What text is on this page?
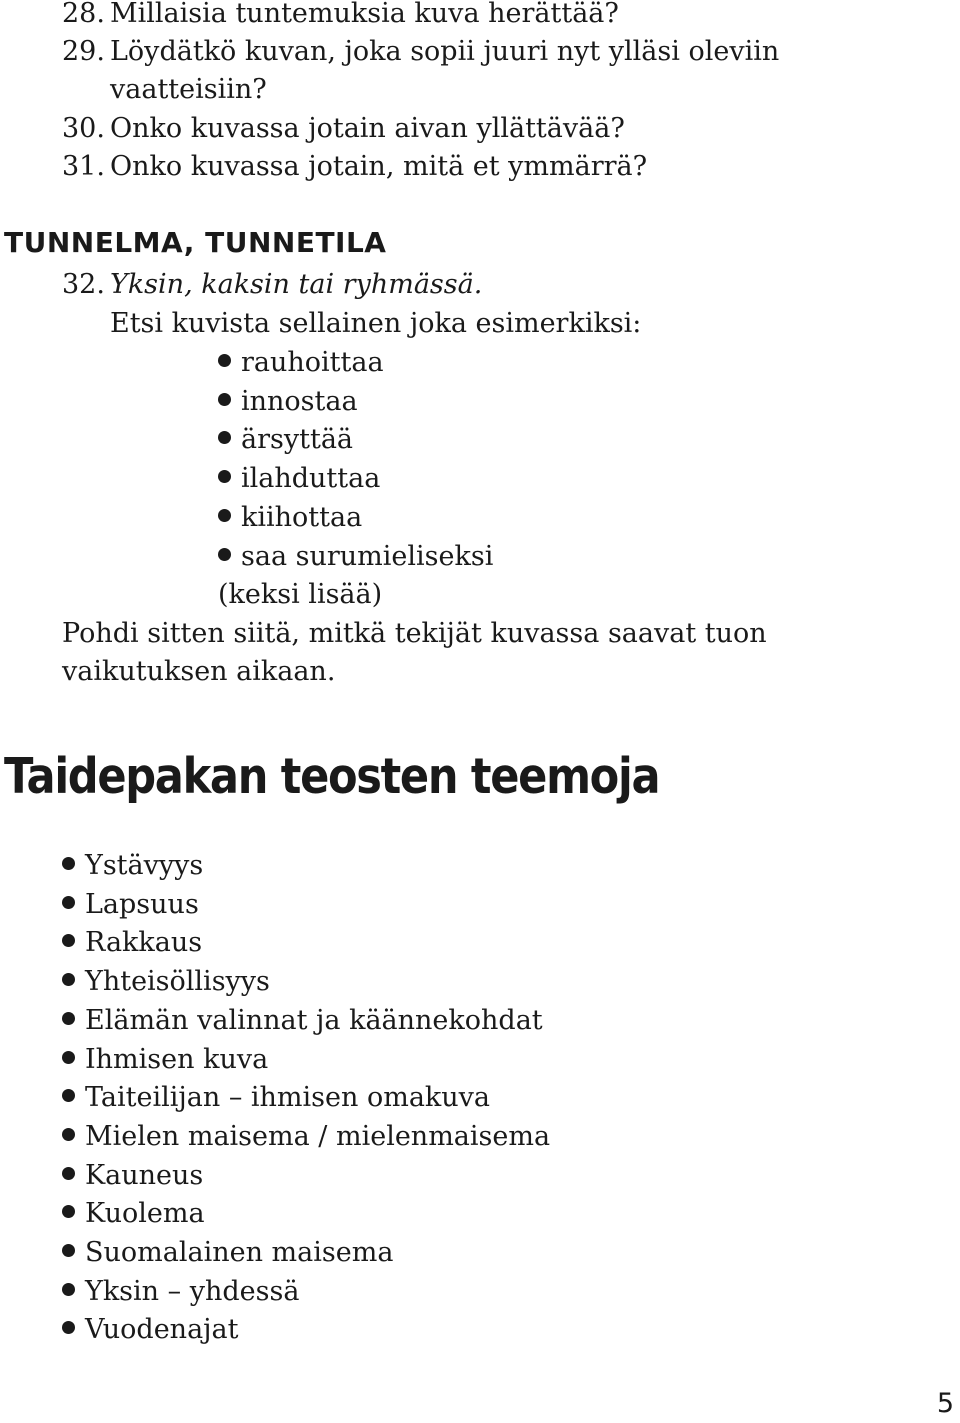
28. Millaisia tuntemuksia kuva herättää?
29. Löydätkö kuvan, joka sopii juuri nyt ylläsi oleviin
vaatteisiin?
30. Onko kuvassa jotain aivan yllättävää?
31. Onko kuvassa jotain, mitä et ymmärrä?
TUNNELMA, TUNNETILA
32. Yksin, kaksin tai ryhmässä.
Etsi kuvista sellainen joka esimerkiksi:
rauhoittaa
innostaa
ärsyttää
ilahduttaa
kiihottaa
saa surumieliseksi
(keksi lisää)
Pohdi sitten siitä, mitkä tekijät kuvassa saavat tuon
vaikutuksen aikaan.
Taidepakan teosten teemoja
Ystävyys
Lapsuus
Rakkaus
Yhteisöllisyys
Elämän valinnat ja käännekohdat
Ihmisen kuva
Taiteilijan – ihmisen omakuva
Mielen maisema / mielenmaisema
Kauneus
Kuolema
Suomalainen maisema
Yksin – yhdessä
Vuodenajat
5
